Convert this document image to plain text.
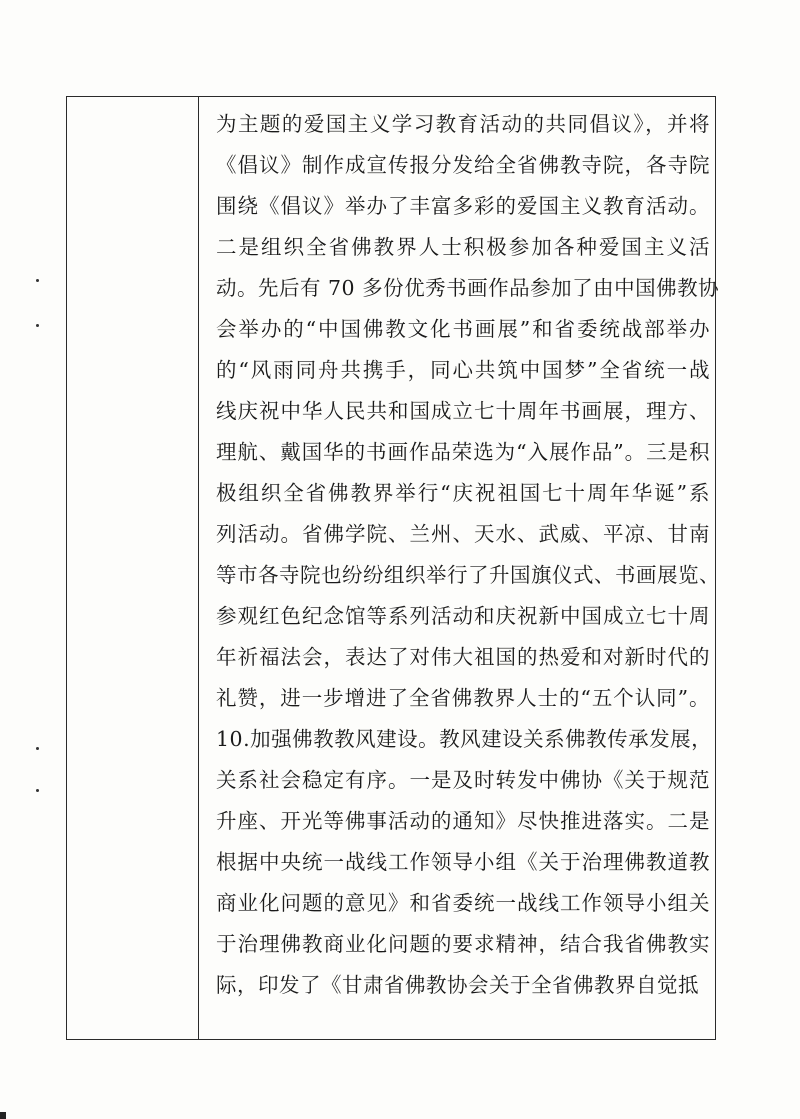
为主题的爱国主义学习教育活动的共同倡议》，并将
《倡议》制作成宣传报分发给全省佛教寺院，各寺院
围绕《倡议》举办了丰富多彩的爱国主义教育活动。
二是组织全省佛教界人士积极参加各种爱国主义活
动。先后有 70 多份优秀书画作品参加了由中国佛教协
会举办的“中国佛教文化书画展”和省委统战部举办
的“风雨同舟共携手，同心共筑中国梦”全省统一战
线庆祝中华人民共和国成立七十周年书画展，理方、
理航、戴国华的书画作品荣选为“入展作品”。三是积
极组织全省佛教界举行“庆祝祖国七十周年华诞”系
列活动。省佛学院、兰州、天水、武威、平凉、甘南
等市各寺院也纷纷组织举行了升国旗仪式、书画展览、
参观红色纪念馆等系列活动和庆祝新中国成立七十周
年祈福法会，表达了对伟大祖国的热爱和对新时代的
礼赞，进一步增进了全省佛教界人士的“五个认同”。
10.加强佛教教风建设。教风建设关系佛教传承发展，
关系社会稳定有序。一是及时转发中佛协《关于规范
升座、开光等佛事活动的通知》尽快推进落实。二是
根据中央统一战线工作领导小组《关于治理佛教道教
商业化问题的意见》和省委统一战线工作领导小组关
于治理佛教商业化问题的要求精神，结合我省佛教实
际，印发了《甘肃省佛教协会关于全省佛教界自觉抵
